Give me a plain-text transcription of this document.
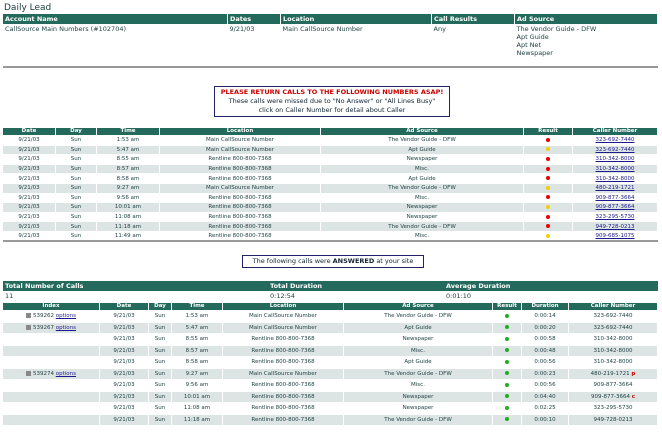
Daily Lead
Account Name	Dates	Location	Call Results	Ad Source
CallSource Main Numbers (#102704)	9/21/03	Main CallSource Number	Any	The Vendor Guide - DFW
Apt Guide
Apt Net
Newspaper
PLEASE RETURN CALLS TO THE FOLLOWING NUMBERS ASAP!
These calls were missed due to "No Answer" or "All Lines Busy"
click on Caller Number for detail about Caller
Date	Day	Time	Location	Ad Source	Result	Caller Number
9/21/03	Sun	1:53 am	Main CallSource Number	The Vendor Guide - DFW		323-692-7440
9/21/03	Sun	5:47 am	Main CallSource Number	Apt Guide		323-692-7440
9/21/03	Sun	8:55 am	Rentline 800-800-7368	Newspaper		310-342-8000
9/21/03	Sun	8:57 am	Rentline 800-800-7368	Misc.		310-342-8000
9/21/03	Sun	8:58 am	Rentline 800-800-7368	Apt Guide		310-342-8000
9/21/03	Sun	9:27 am	Main CallSource Number	The Vendor Guide - DFW		480-219-1721
9/21/03	Sun	9:56 am	Rentline 800-800-7368	Misc.		909-877-3664
9/21/03	Sun	10:01 am	Rentline 800-800-7368	Newspaper		909-877-3664
9/21/03	Sun	11:08 am	Rentline 800-800-7368	Newspaper		323-295-5730
9/21/03	Sun	11:18 am	Rentline 800-800-7368	The Vendor Guide - DFW		949-728-0213
9/21/03	Sun	11:49 am	Rentline 800-800-7368	Misc.		909-685-1075
The following calls were ANSWERED at your site
Total Number of Calls	Total Duration	Average Duration
11	0:12:54	0:01:10
Index	Date	Day	Time	Location	Ad Source	Result	Duration	Caller Number
539262 options	9/21/03	Sun	1:53 am	Main CallSource Number	The Vendor Guide - DFW		0:00:14	323-692-7440
539267 options	9/21/03	Sun	5:47 am	Main CallSource Number	Apt Guide		0:00:20	323-692-7440
	9/21/03	Sun	8:55 am	Rentline 800-800-7368	Newspaper		0:00:58	310-342-8000
	9/21/03	Sun	8:57 am	Rentline 800-800-7368	Misc.		0:00:48	310-342-8000
	9/21/03	Sun	8:58 am	Rentline 800-800-7368	Apt Guide		0:00:56	310-342-8000
539274 options	9/21/03	Sun	9:27 am	Main CallSource Number	The Vendor Guide - DFW		0:00:23	480-219-1721 p
	9/21/03	Sun	9:56 am	Rentline 800-800-7368	Misc.		0:00:56	909-877-3664
	9/21/03	Sun	10:01 am	Rentline 800-800-7368	Newspaper		0:04:40	909-877-3664 c
	9/21/03	Sun	11:08 am	Rentline 800-800-7368	Newspaper		0:02:25	323-295-5730
	9/21/03	Sun	11:18 am	Rentline 800-800-7368	The Vendor Guide - DFW		0:00:10	949-728-0213
